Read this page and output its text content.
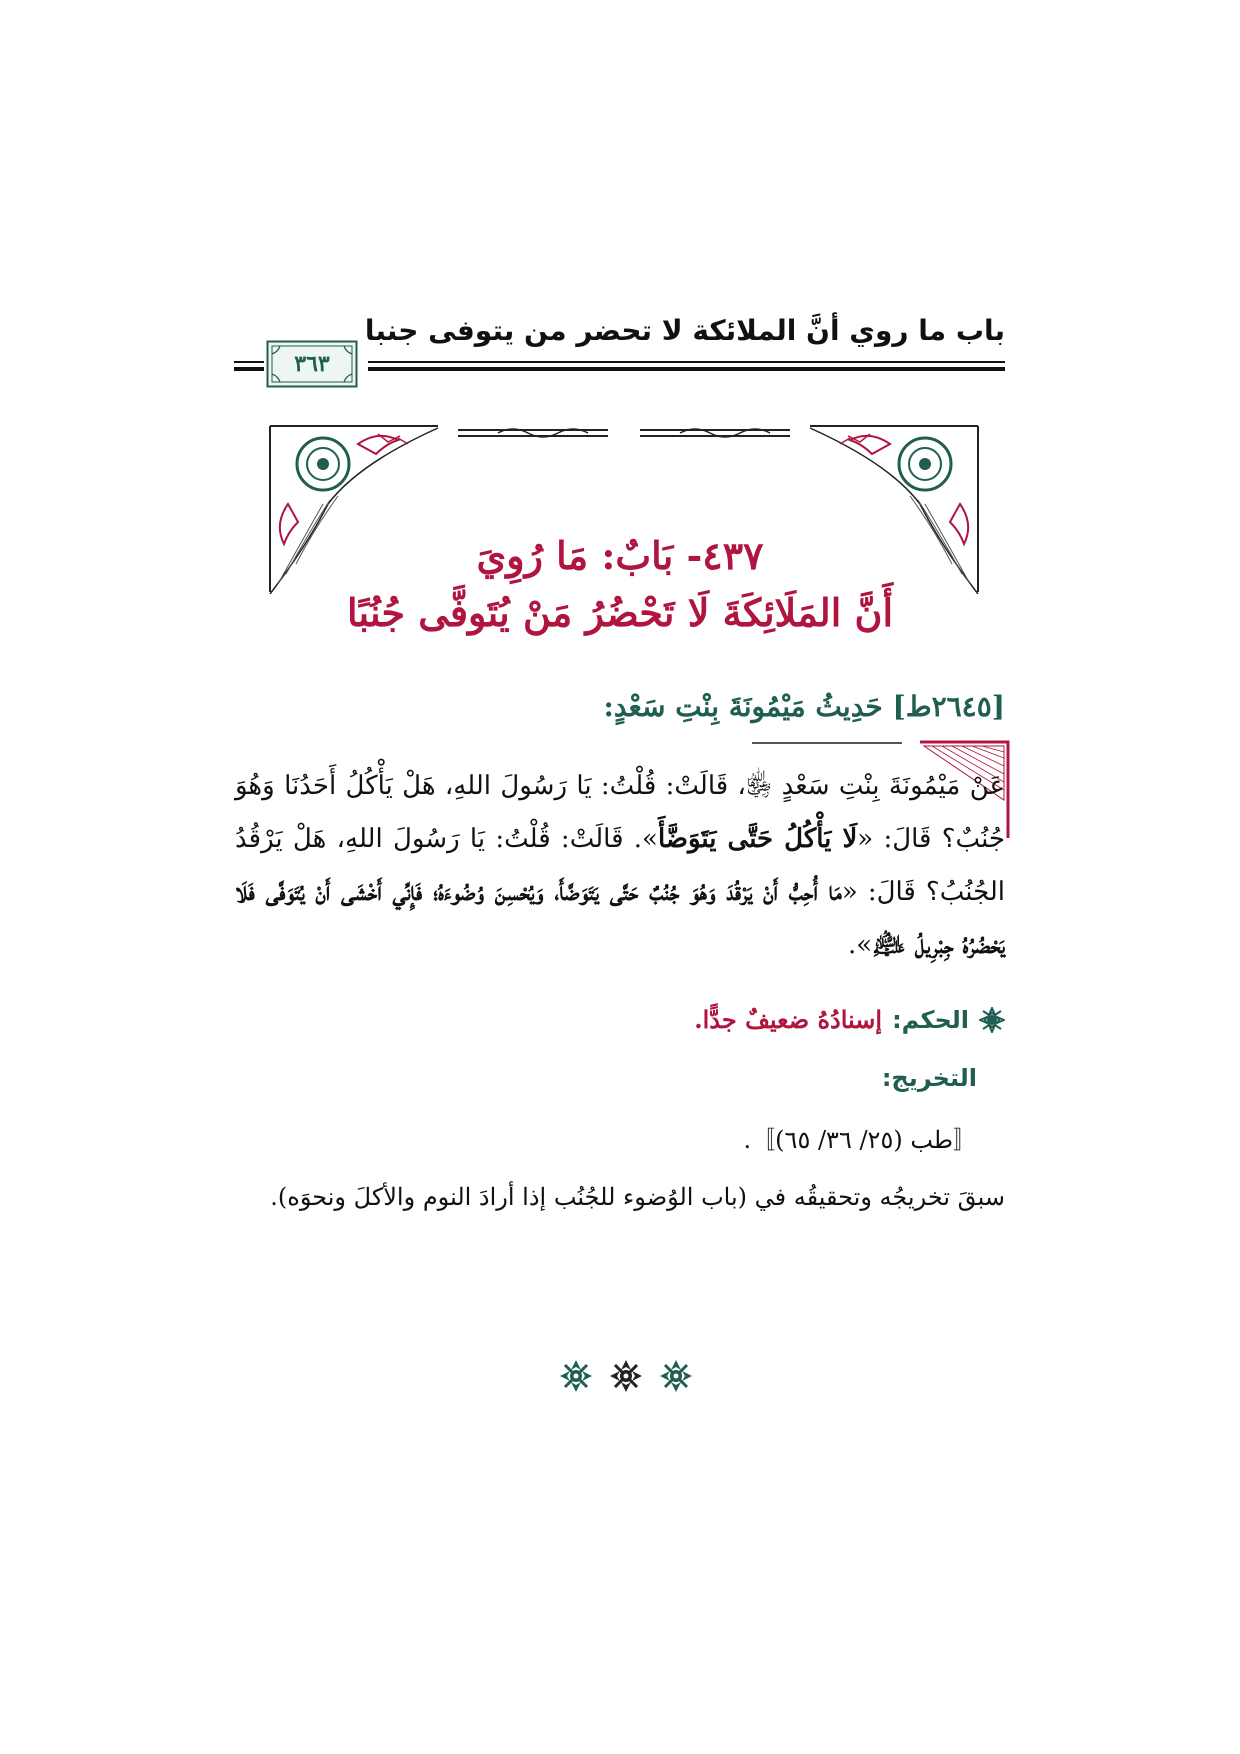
باب ما روي أنَّ الملائكة لا تحضر من يتوفى جنبا
٣٦٣
٤٣٧- بَابٌ: مَا رُوِيَ
أَنَّ المَلَائِكَةَ لَا تَحْضُرُ مَنْ يُتَوفَّى جُنُبًا
[٢٦٤٥ط] حَدِيثُ مَيْمُونَةَ بِنْتِ سَعْدٍ:
عَنْ مَيْمُونَةَ بِنْتِ سَعْدٍ ﵂، قَالَتْ: قُلْتُ: يَا رَسُولَ اللهِ، هَلْ يَأْكُلُ أَحَدُنَا وَهُوَ جُنُبٌ؟ قَالَ: «لَا يَأْكُلُ حَتَّى يَتَوَضَّأَ». قَالَتْ: قُلْتُ: يَا رَسُولَ اللهِ، هَلْ يَرْقُدُ الجُنُبُ؟ قَالَ: «مَا أُحِبُّ أَنْ يَرْقُدَ وَهُوَ جُنُبٌ حَتَّى يَتَوَضَّأَ، وَيُحْسِنَ وُضُوءَهُ؛ فَإِنِّي أَخْشَى أَنْ يُتَوَفَّى فَلَا يَحْضُرُهُ جِبْرِيلُ ﵇».
الحكم:
إسنادُهُ ضعيفٌ جدًّا.
التخريج:
〚طب (٢٥/ ٣٦/ ٦٥)〛.
سبقَ تخريجُه وتحقيقُه في (باب الوُضوء للجُنُب إذا أرادَ النوم والأكلَ ونحوَه).
